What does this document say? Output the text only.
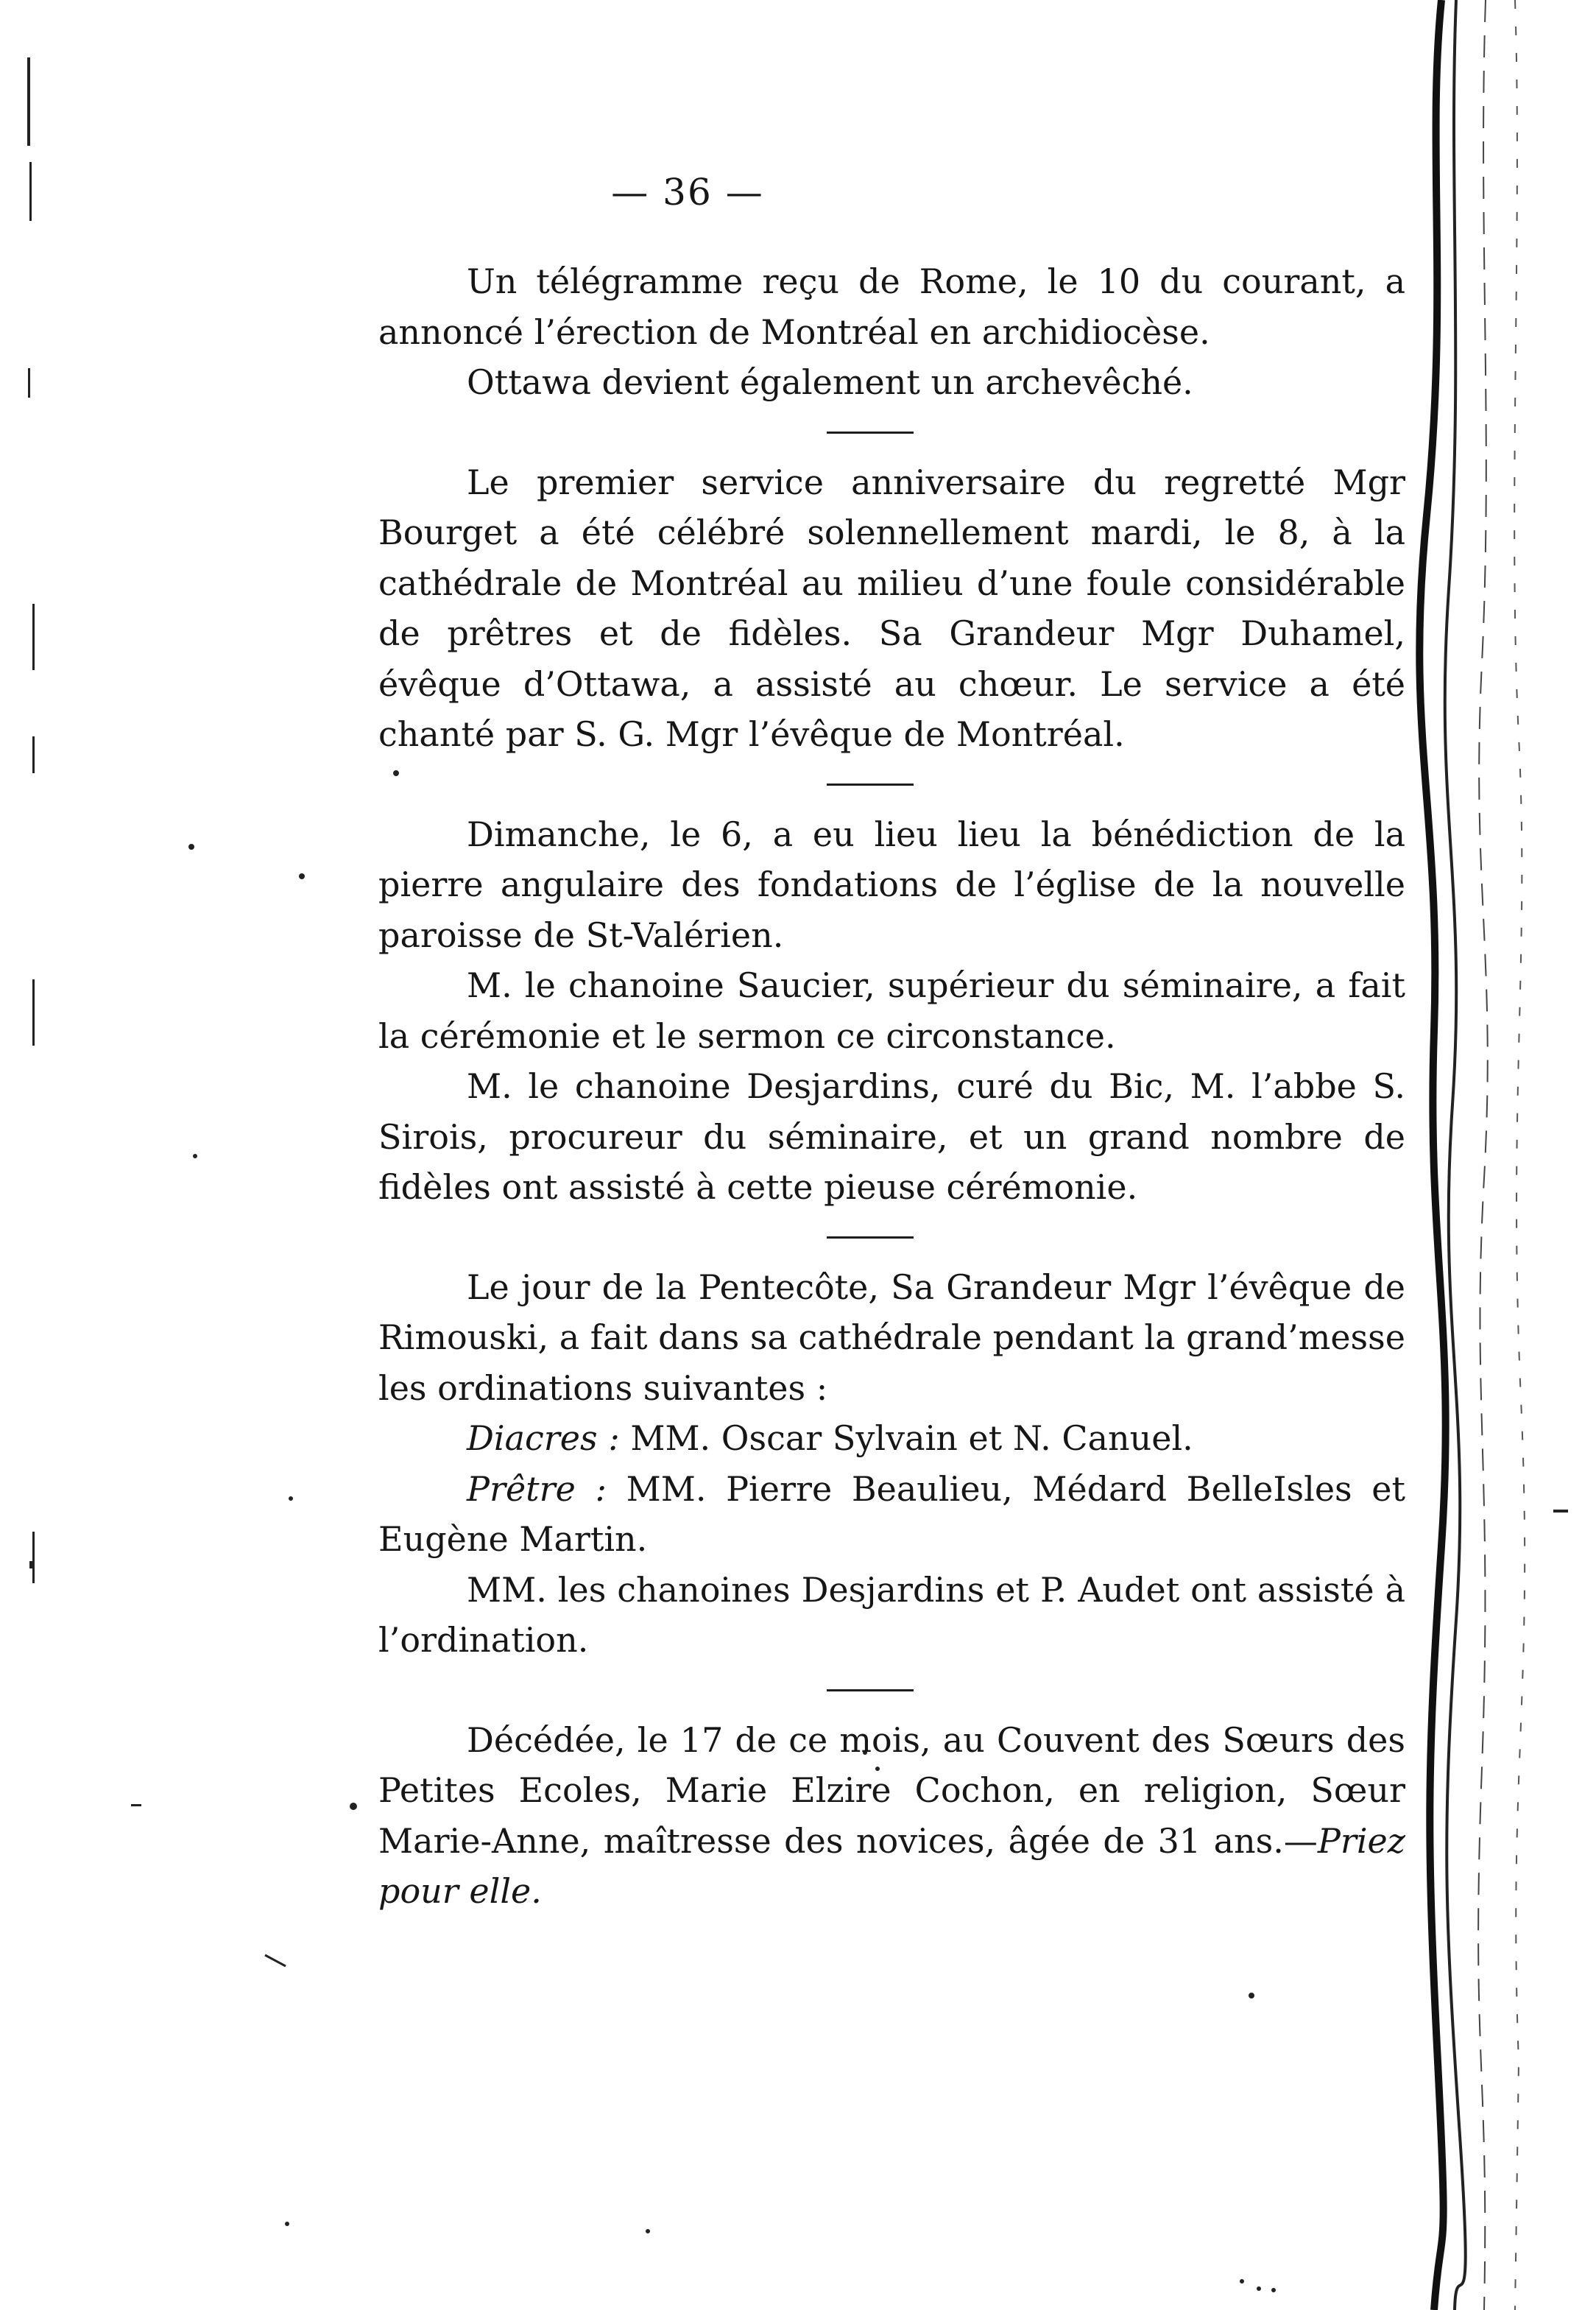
— 36 —

Un télégramme reçu de Rome, le 10 du courant, a annoncé l’érection de Montréal en archidiocèse.

Ottawa devient également un archevêché.

Le premier service anniversaire du regretté Mgr Bourget a été célébré solennellement mardi, le 8, à la cathédrale de Montréal au milieu d’une foule considérable de prêtres et de fidèles. Sa Grandeur Mgr Duhamel, évêque d’Ottawa, a assisté au chœur. Le service a été chanté par S. G. Mgr l’évêque de Montréal.

Dimanche, le 6, a eu lieu lieu la bénédiction de la pierre angulaire des fondations de l’église de la nouvelle paroisse de St-Valérien.

M. le chanoine Saucier, supérieur du séminaire, a fait la cérémonie et le sermon ce circonstance.

M. le chanoine Desjardins, curé du Bic, M. l’abbe S. Sirois, procureur du séminaire, et un grand nombre de fidèles ont assisté à cette pieuse cérémonie.

Le jour de la Pentecôte, Sa Grandeur Mgr l’évêque de Rimouski, a fait dans sa cathédrale pendant la grand’messe les ordinations suivantes :

Diacres : MM. Oscar Sylvain et N. Canuel.

Prêtre : MM. Pierre Beaulieu, Médard BelleIsles et Eugène Martin.

MM. les chanoines Desjardins et P. Audet ont assisté à l’ordination.

Décédée, le 17 de ce mois, au Couvent des Sœurs des Petites Ecoles, Marie Elzire Cochon, en religion, Sœur Marie-Anne, maîtresse des novices, âgée de 31 ans.—Priez pour elle.
